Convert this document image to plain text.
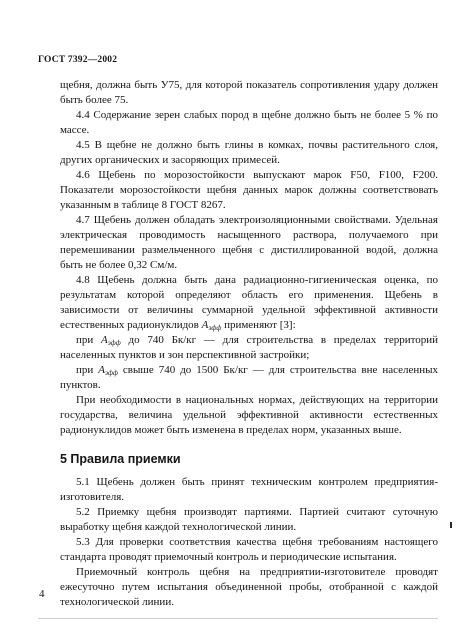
ГОСТ 7392—2002

щебня, должна быть У75, для которой показатель сопротивления удару должен быть более 75.

4.4 Содержание зерен слабых пород в щебне должно быть не более 5 % по массе.

4.5 В щебне не должно быть глины в комках, почвы растительного слоя, других органических и засоряющих примесей.

4.6 Щебень по морозостойкости выпускают марок F50, F100, F200. Показатели морозостойкости щебня данных марок должны соответствовать указанным в таблице 8 ГОСТ 8267.

4.7 Щебень должен обладать электроизоляционными свойствами. Удельная электрическая проводимость насыщенного раствора, получаемого при перемешивании размельченного щебня с дистиллированной водой, должна быть не более 0,32 См/м.

4.8 Щебень должна быть дана радиационно-гигиеническая оценка, по результатам которой определяют область его применения. Щебень в зависимости от величины суммарной удельной эффективной активности естественных радионуклидов $А_{эфф}$ применяют [3]:

при $А_{эфф}$ до 740 Бк/кг — для строительства в пределах территорий населенных пунктов и зон перспективной застройки;

при $А_{эфф}$ свыше 740 до 1500 Бк/кг — для строительства вне населенных пунктов.

При необходимости в национальных нормах, действующих на территории государства, величина удельной эффективной активности естественных радионуклидов может быть изменена в пределах норм, указанных выше.

5 Правила приемки

5.1 Щебень должен быть принят техническим контролем предприятия-изготовителя.

5.2 Приемку щебня производят партиями. Партией считают суточную выработку щебня каждой технологической линии.

5.3 Для проверки соответствия качества щебня требованиям настоящего стандарта проводят приемочный контроль и периодические испытания.

Приемочный контроль щебня на предприятии-изготовителе проводят ежесуточно путем испытания объединенной пробы, отобранной с каждой технологической линии.

4
